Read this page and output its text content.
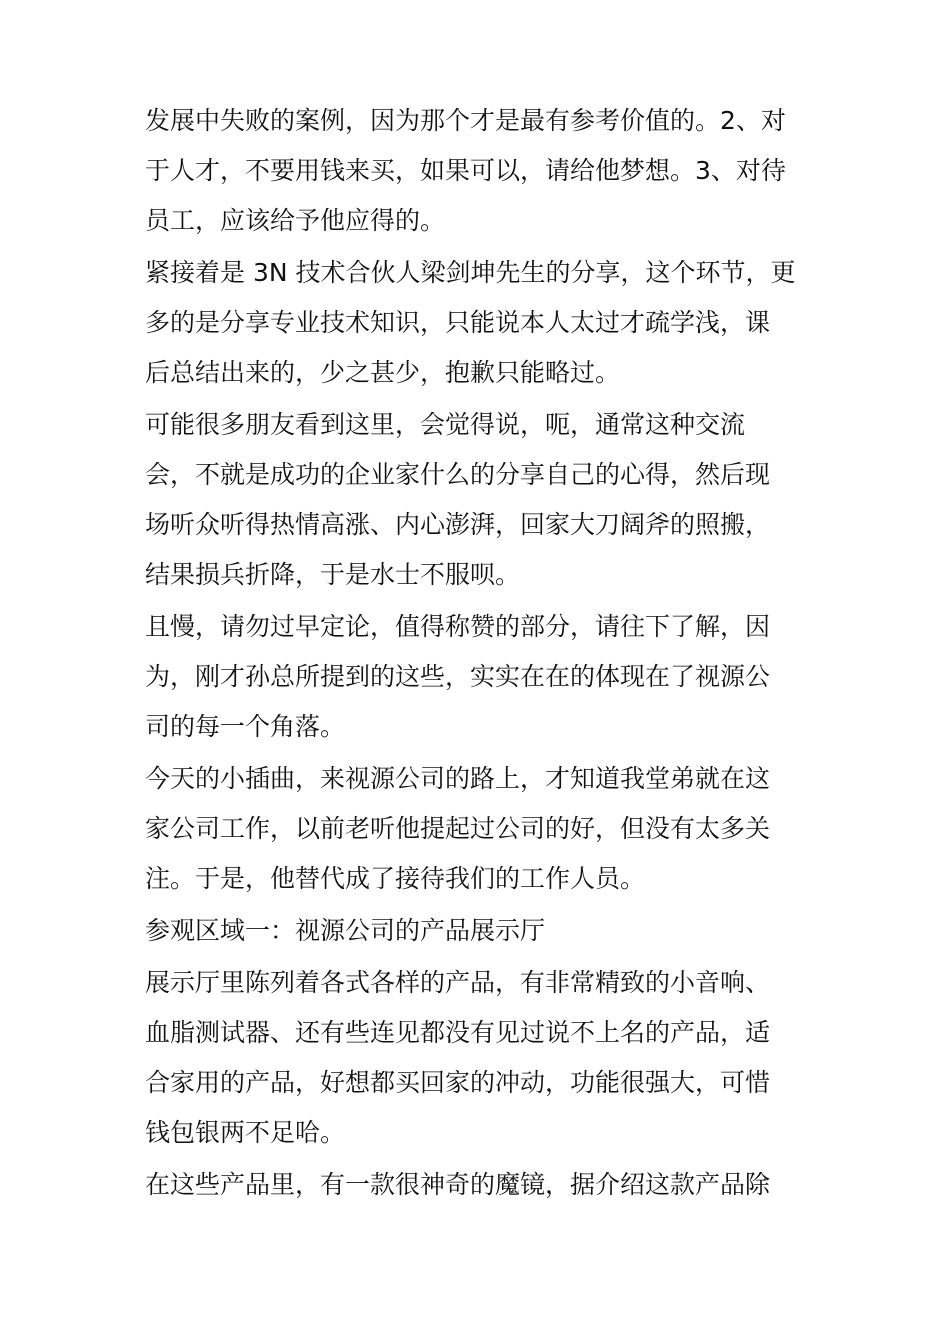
发展中失败的案例，因为那个才是最有参考价值的。2、对
于人才，不要用钱来买，如果可以，请给他梦想。3、对待
员工，应该给予他应得的。
紧接着是 3N 技术合伙人梁剑坤先生的分享，这个环节，更
多的是分享专业技术知识，只能说本人太过才疏学浅，课
后总结出来的，少之甚少，抱歉只能略过。
可能很多朋友看到这里，会觉得说，呃，通常这种交流
会，不就是成功的企业家什么的分享自己的心得，然后现
场听众听得热情高涨、内心澎湃，回家大刀阔斧的照搬，
结果损兵折降，于是水士不服呗。
且慢，请勿过早定论，值得称赞的部分，请往下了解，因
为，刚才孙总所提到的这些，实实在在的体现在了视源公
司的每一个角落。
今天的小插曲，来视源公司的路上，才知道我堂弟就在这
家公司工作，以前老听他提起过公司的好，但没有太多关
注。于是，他替代成了接待我们的工作人员。
参观区域一：视源公司的产品展示厅
展示厅里陈列着各式各样的产品，有非常精致的小音响、
血脂测试器、还有些连见都没有见过说不上名的产品，适
合家用的产品，好想都买回家的冲动，功能很强大，可惜
钱包银两不足哈。
在这些产品里，有一款很神奇的魔镜，据介绍这款产品除
